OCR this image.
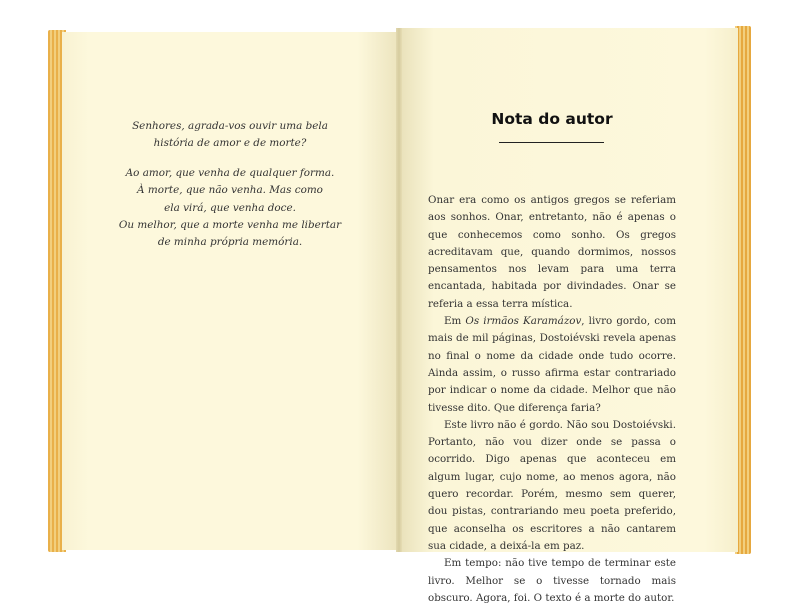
Senhores, agrada-vos ouvir uma bela
história de amor e de morte?

Ao amor, que venha de qualquer forma.
À morte, que não venha. Mas como
ela virá, que venha doce.
Ou melhor, que a morte venha me libertar
de minha própria memória.

Nota do autor

Onar era como os antigos gregos se referiam aos sonhos. Onar, entretanto, não é apenas o que conhecemos como sonho. Os gregos acreditavam que, quando dormimos, nossos pensamentos nos levam para uma terra encantada, habitada por divindades. Onar se referia a essa terra mística.

Em Os irmãos Karamázov, livro gordo, com mais de mil páginas, Dostoiévski revela apenas no final o nome da cidade onde tudo ocorre. Ainda assim, o russo afirma estar contrariado por indicar o nome da cidade. Melhor que não tivesse dito. Que diferença faria?

Este livro não é gordo. Não sou Dostoiévski. Portanto, não vou dizer onde se passa o ocorrido. Digo apenas que aconteceu em algum lugar, cujo nome, ao menos agora, não quero recordar. Porém, mesmo sem querer, dou pistas, contrariando meu poeta preferido, que aconselha os escritores a não cantarem sua cidade, a deixá-la em paz.

Em tempo: não tive tempo de terminar este livro. Melhor se o tivesse tornado mais obscuro. Agora, foi. O texto é a morte do autor.
